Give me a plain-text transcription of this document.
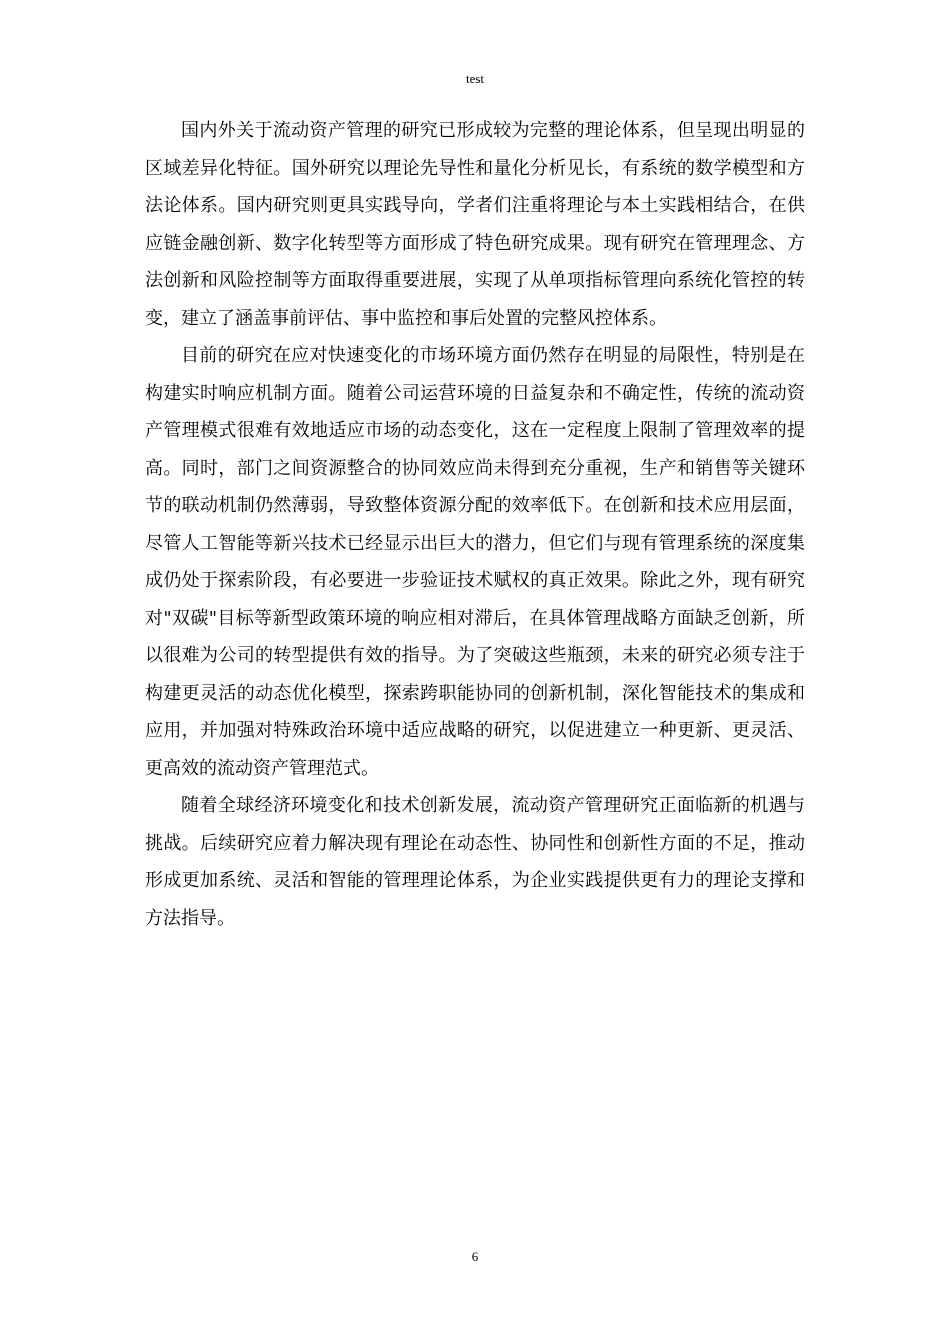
test

国内外关于流动资产管理的研究已形成较为完整的理论体系，但呈现出明显的区域差异化特征。国外研究以理论先导性和量化分析见长，有系统的数学模型和方法论体系。国内研究则更具实践导向，学者们注重将理论与本土实践相结合，在供应链金融创新、数字化转型等方面形成了特色研究成果。现有研究在管理理念、方法创新和风险控制等方面取得重要进展，实现了从单项指标管理向系统化管控的转变，建立了涵盖事前评估、事中监控和事后处置的完整风控体系。

目前的研究在应对快速变化的市场环境方面仍然存在明显的局限性，特别是在构建实时响应机制方面。随着公司运营环境的日益复杂和不确定性，传统的流动资产管理模式很难有效地适应市场的动态变化，这在一定程度上限制了管理效率的提高。同时，部门之间资源整合的协同效应尚未得到充分重视，生产和销售等关键环节的联动机制仍然薄弱，导致整体资源分配的效率低下。在创新和技术应用层面，尽管人工智能等新兴技术已经显示出巨大的潜力，但它们与现有管理系统的深度集成仍处于探索阶段，有必要进一步验证技术赋权的真正效果。除此之外，现有研究对"双碳"目标等新型政策环境的响应相对滞后，在具体管理战略方面缺乏创新，所以很难为公司的转型提供有效的指导。为了突破这些瓶颈，未来的研究必须专注于构建更灵活的动态优化模型，探索跨职能协同的创新机制，深化智能技术的集成和应用，并加强对特殊政治环境中适应战略的研究，以促进建立一种更新、更灵活、更高效的流动资产管理范式。

随着全球经济环境变化和技术创新发展，流动资产管理研究正面临新的机遇与挑战。后续研究应着力解决现有理论在动态性、协同性和创新性方面的不足，推动形成更加系统、灵活和智能的管理理论体系，为企业实践提供更有力的理论支撑和方法指导。

6
